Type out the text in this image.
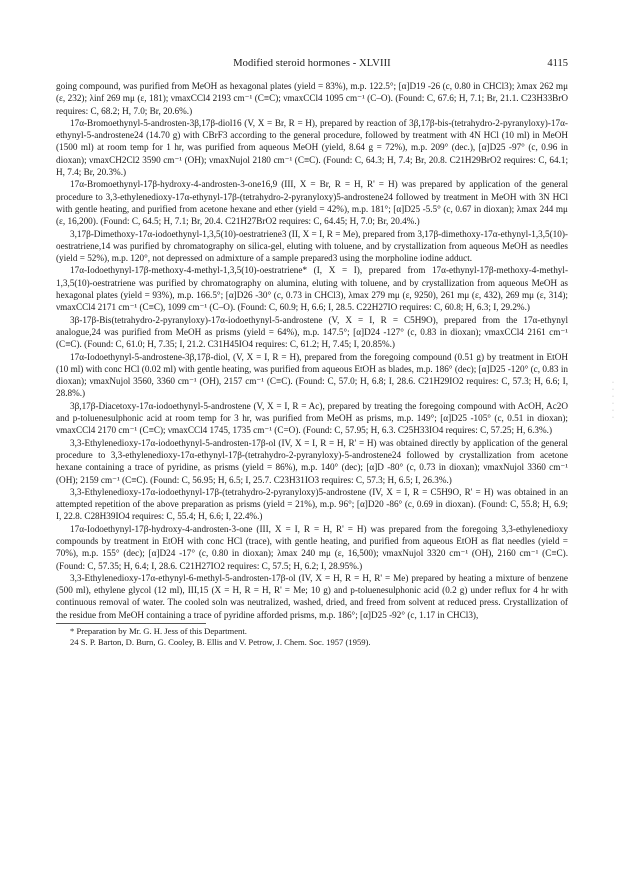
Modified steroid hormones - XLVIII	4115

going compound, was purified from MeOH as hexagonal plates (yield = 83%), m.p. 122.5°; [α]D19 -26 (c, 0.80 in CHCl3); λmax 262 mμ (ε, 232); λinf 269 mμ (ε, 181); νmaxCCl4 2193 cm⁻¹ (C≡C); νmaxCCl4 1095 cm⁻¹ (C–O). (Found: C, 67.6; H, 7.1; Br, 21.1. C23H33BrO requires: C, 68.2; H, 7.0; Br, 20.6%.)

17α-Bromoethynyl-5-androsten-3β,17β-diol16 (V, X = Br, R = H), prepared by reaction of 3β,17β-bis-(tetrahydro-2-pyranyloxy)-17α-ethynyl-5-androstene24 (14.70 g) with CBrF3 according to the general procedure, followed by treatment with 4N HCl (10 ml) in MeOH (1500 ml) at room temp for 1 hr, was purified from aqueous MeOH (yield, 8.64 g = 72%), m.p. 209° (dec.), [α]D25 -97° (c, 0.96 in dioxan); νmaxCH2Cl2 3590 cm⁻¹ (OH); νmaxNujol 2180 cm⁻¹ (C≡C). (Found: C, 64.3; H, 7.4; Br, 20.8. C21H29BrO2 requires: C, 64.1; H, 7.4; Br, 20.3%.)

17α-Bromoethynyl-17β-hydroxy-4-androsten-3-one16,9 (III, X = Br, R = H, R' = H) was prepared by application of the general procedure to 3,3-ethylenedioxy-17α-ethynyl-17β-(tetrahydro-2-pyranyloxy)5-androstene24 followed by treatment in MeOH with 3N HCl with gentle heating, and purified from acetone hexane and ether (yield = 42%), m.p. 181°; [α]D25 -5.5° (c, 0.67 in dioxan); λmax 244 mμ (ε, 16,200). (Found: C, 64.5; H, 7.1; Br, 20.4. C21H27BrO2 requires: C, 64.45; H, 7.0; Br, 20.4%.)

3,17β-Dimethoxy-17α-iodoethynyl-1,3,5(10)-oestratriene3 (II, X = I, R = Me), prepared from 3,17β-dimethoxy-17α-ethynyl-1,3,5(10)-oestratriene,14 was purified by chromatography on silica-gel, eluting with toluene, and by crystallization from aqueous MeOH as needles (yield = 52%), m.p. 120°, not depressed on admixture of a sample prepared3 using the morpholine iodine adduct.

17α-Iodoethynyl-17β-methoxy-4-methyl-1,3,5(10)-oestratriene* (I, X = I), prepared from 17α-ethynyl-17β-methoxy-4-methyl-1,3,5(10)-oestratriene was purified by chromatography on alumina, eluting with toluene, and by crystallization from aqueous MeOH as hexagonal plates (yield = 93%), m.p. 166.5°; [α]D26 -30° (c, 0.73 in CHCl3), λmax 279 mμ (ε, 9250), 261 mμ (ε, 432), 269 mμ (ε, 314); νmaxCCl4 2171 cm⁻¹ (C≡C), 1099 cm⁻¹ (C–O). (Found: C, 60.9; H, 6.6; I, 28.5. C22H27IO requires: C, 60.8; H, 6.3; I, 29.2%.)

3β-17β-Bis(tetrahydro-2-pyranyloxy)-17α-iodoethynyl-5-androstene (V, X = I, R = C5H9O), prepared from the 17α-ethynyl analogue,24 was purified from MeOH as prisms (yield = 64%), m.p. 147.5°; [α]D24 -127° (c, 0.83 in dioxan); νmaxCCl4 2161 cm⁻¹ (C≡C). (Found: C, 61.0; H, 7.35; I, 21.2. C31H45IO4 requires: C, 61.2; H, 7.45; I, 20.85%.)

17α-Iodoethynyl-5-androstene-3β,17β-diol, (V, X = I, R = H), prepared from the foregoing compound (0.51 g) by treatment in EtOH (10 ml) with conc HCl (0.02 ml) with gentle heating, was purified from aqueous EtOH as blades, m.p. 186° (dec); [α]D25 -120° (c, 0.83 in dioxan); νmaxNujol 3560, 3360 cm⁻¹ (OH), 2157 cm⁻¹ (C≡C). (Found: C, 57.0; H, 6.8; I, 28.6. C21H29IO2 requires: C, 57.3; H, 6.6; I, 28.8%.)

3β,17β-Diacetoxy-17α-iodoethynyl-5-androstene (V, X = I, R = Ac), prepared by treating the foregoing compound with AcOH, Ac2O and p-toluenesulphonic acid at room temp for 3 hr, was purified from MeOH as prisms, m.p. 149°; [α]D25 -105° (c, 0.51 in dioxan); νmaxCCl4 2170 cm⁻¹ (C≡C); νmaxCCl4 1745, 1735 cm⁻¹ (C=O). (Found: C, 57.95; H, 6.3. C25H33IO4 requires: C, 57.25; H, 6.3%.)

3,3-Ethylenedioxy-17α-iodoethynyl-5-androsten-17β-ol (IV, X = I, R = H, R' = H) was obtained directly by application of the general procedure to 3,3-ethylenedioxy-17α-ethynyl-17β-(tetrahydro-2-pyranyloxy)-5-androstene24 followed by crystallization from acetone hexane containing a trace of pyridine, as prisms (yield = 86%), m.p. 140° (dec); [α]D -80° (c, 0.73 in dioxan); νmaxNujol 3360 cm⁻¹ (OH); 2159 cm⁻¹ (C≡C). (Found: C, 56.95; H, 6.5; I, 25.7. C23H31IO3 requires: C, 57.3; H, 6.5; I, 26.3%.)

3,3-Ethylenedioxy-17α-iodoethynyl-17β-(tetrahydro-2-pyranyloxy)5-androstene (IV, X = I, R = C5H9O, R' = H) was obtained in an attempted repetition of the above preparation as prisms (yield = 21%), m.p. 96°; [α]D20 -86° (c, 0.69 in dioxan). (Found: C, 55.8; H, 6.9; I, 22.8. C28H39IO4 requires: C, 55.4; H, 6.6; I, 22.4%.)

17α-Iodoethynyl-17β-hydroxy-4-androsten-3-one (III, X = I, R = H, R' = H) was prepared from the foregoing 3,3-ethylenedioxy compounds by treatment in EtOH with conc HCl (trace), with gentle heating, and purified from aqueous EtOH as flat needles (yield = 70%), m.p. 155° (dec); [α]D24 -17° (c, 0.80 in dioxan); λmax 240 mμ (ε, 16,500); νmaxNujol 3320 cm⁻¹ (OH), 2160 cm⁻¹ (C≡C). (Found: C, 57.35; H, 6.4; I, 28.6. C21H27IO2 requires: C, 57.5; H, 6.2; I, 28.95%.)

3,3-Ethylenedioxy-17α-ethynyl-6-methyl-5-androsten-17β-ol (IV, X = H, R = H, R' = Me) prepared by heating a mixture of benzene (500 ml), ethylene glycol (12 ml), III,15 (X = H, R = H, R' = Me; 10 g) and p-toluenesulphonic acid (0.2 g) under reflux for 4 hr with continuous removal of water. The cooled soln was neutralized, washed, dried, and freed from solvent at reduced press. Crystallization of the residue from MeOH containing a trace of pyridine afforded prisms, m.p. 186°; [α]D25 -92° (c, 1.17 in CHCl3),

* Preparation by Mr. G. H. Jess of this Department.

24 S. P. Barton, D. Burn, G. Cooley, B. Ellis and V. Petrow, J. Chem. Soc. 1957 (1959).

·
·
·
·
·
·
